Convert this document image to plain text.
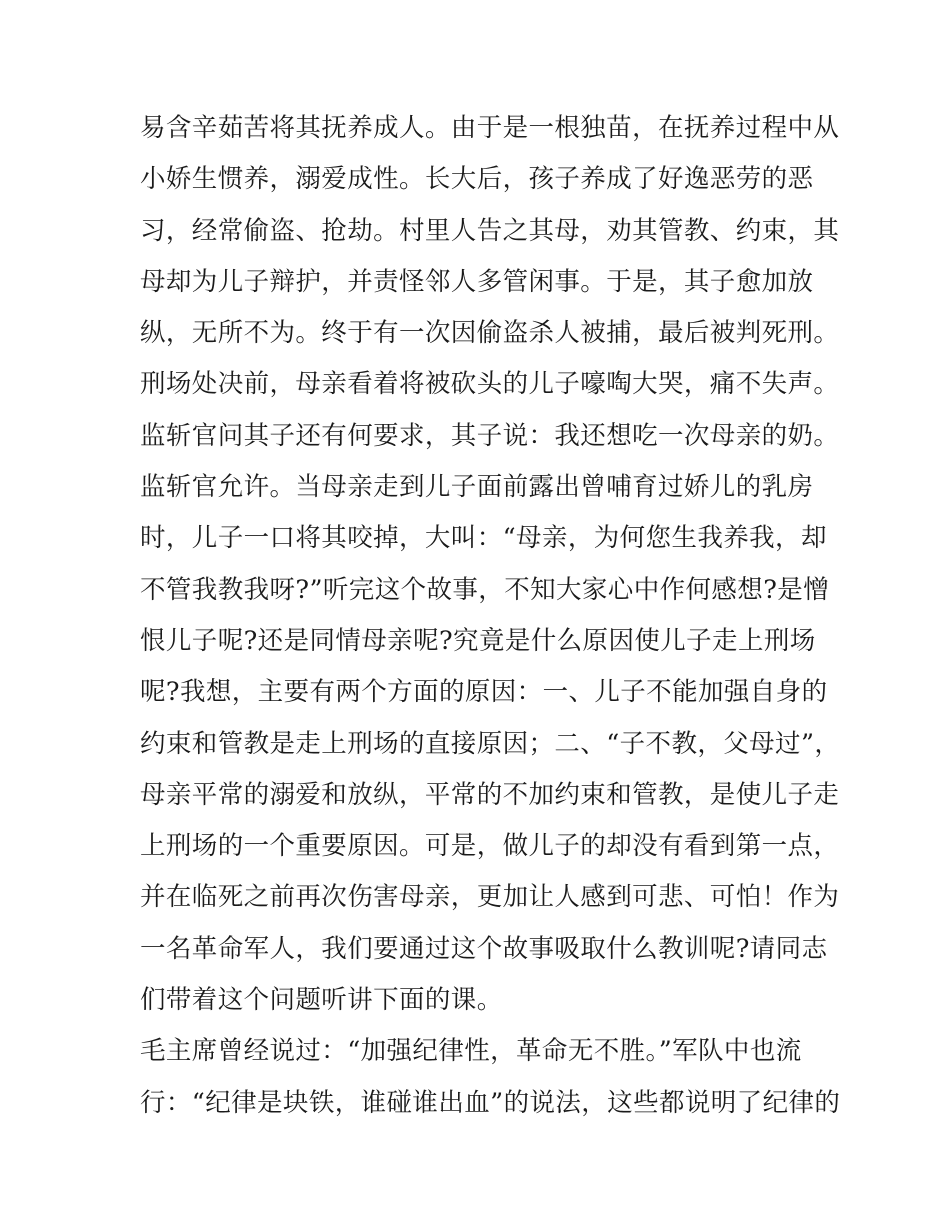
易含辛茹苦将其抚养成人。由于是一根独苗，在抚养过程中从
小娇生惯养，溺爱成性。长大后，孩子养成了好逸恶劳的恶
习，经常偷盗、抢劫。村里人告之其母，劝其管教、约束，其
母却为儿子辩护，并责怪邻人多管闲事。于是，其子愈加放
纵，无所不为。终于有一次因偷盗杀人被捕，最后被判死刑。
刑场处决前，母亲看着将被砍头的儿子嚎啕大哭，痛不失声。
监斩官问其子还有何要求，其子说：我还想吃一次母亲的奶。
监斩官允许。当母亲走到儿子面前露出曾哺育过娇儿的乳房
时，儿子一口将其咬掉，大叫：“母亲，为何您生我养我，却
不管我教我呀?”听完这个故事，不知大家心中作何感想?是憎
恨儿子呢?还是同情母亲呢?究竟是什么原因使儿子走上刑场
呢?我想，主要有两个方面的原因：一、儿子不能加强自身的
约束和管教是走上刑场的直接原因；二、“子不教，父母过”，
母亲平常的溺爱和放纵，平常的不加约束和管教，是使儿子走
上刑场的一个重要原因。可是，做儿子的却没有看到第一点，
并在临死之前再次伤害母亲，更加让人感到可悲、可怕！作为
一名革命军人，我们要通过这个故事吸取什么教训呢?请同志
们带着这个问题听讲下面的课。
毛主席曾经说过：“加强纪律性，革命无不胜。”军队中也流
行：“纪律是块铁，谁碰谁出血”的说法，这些都说明了纪律的
